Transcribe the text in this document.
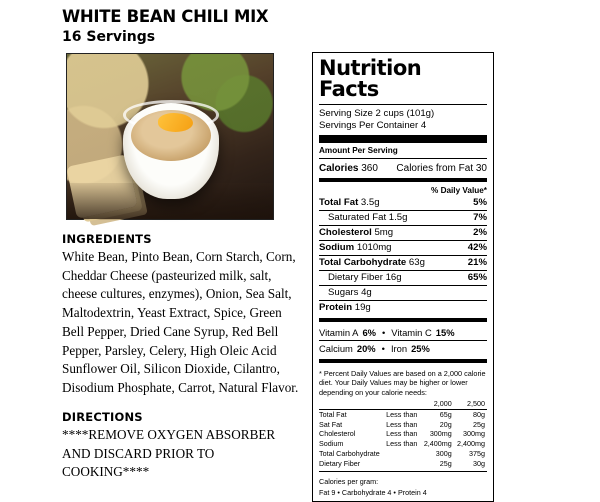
WHITE BEAN CHILI MIX
16 Servings
INGREDIENTS

White Bean, Pinto Bean, Corn Starch, Corn, Cheddar Cheese (pasteurized milk, salt, cheese cultures, enzymes), Onion, Sea Salt, Maltodextrin, Yeast Extract, Spice, Green Bell Pepper, Dried Cane Syrup, Red Bell Pepper, Parsley, Celery, High Oleic Acid Sunflower Oil, Silicon Dioxide, Cilantro, Disodium Phosphate, Carrot, Natural Flavor.

DIRECTIONS

****REMOVE OXYGEN ABSORBER AND DISCARD PRIOR TO COOKING****

Nutrition Facts
Serving Size 2 cups (101g)
Servings Per Container 4
Amount Per Serving
Calories 360 Calories from Fat 30
% Daily Value*
Total Fat 3.5g	5%
Saturated Fat 1.5g	7%
Cholesterol 5mg	2%
Sodium 1010mg	42%
Total Carbohydrate 63g	21%
Dietary Fiber 16g	65%
Sugars 4g
Protein 19g
Vitamin A 6% • Vitamin C 15%
Calcium 20% • Iron 25%
* Percent Daily Values are based on a 2,000 calorie diet. Your Daily Values may be higher or lower depending on your calorie needs:
		2,000	2,500
Total Fat	Less than	65g	80g
Sat Fat	Less than	20g	25g
Cholesterol	Less than	300mg	300mg
Sodium	Less than	2,400mg	2,400mg
Total Carbohydrate		300g	375g
Dietary Fiber		25g	30g
Calories per gram:
Fat 9 • Carbohydrate 4 • Protein 4
